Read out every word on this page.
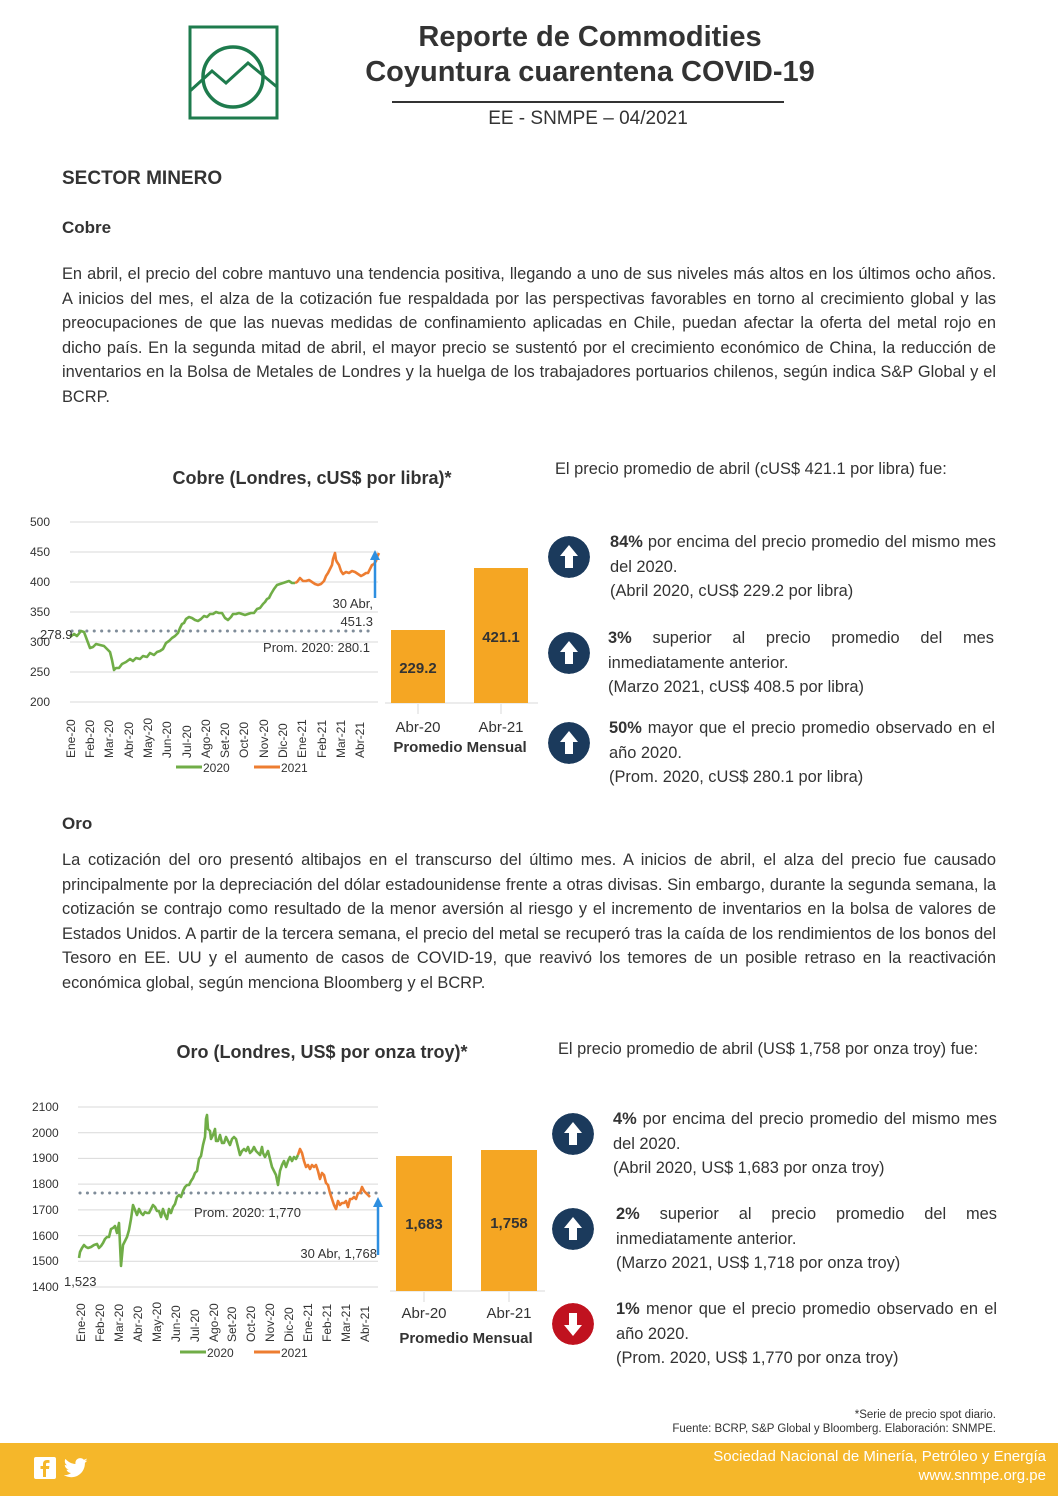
Reporte de Commodities
Coyuntura cuarentena COVID-19
EE - SNMPE – 04/2021
SECTOR MINERO
Cobre
En abril, el precio del cobre mantuvo una tendencia positiva, llegando a uno de sus niveles más altos en los últimos ocho años. A inicios del mes, el alza de la cotización fue respaldada por las perspectivas favorables en torno al crecimiento global y las preocupaciones de que las nuevas medidas de confinamiento aplicadas en Chile, puedan afectar la oferta del metal rojo en dicho país. En la segunda mitad de abril, el mayor precio se sustentó por el crecimiento económico de China, la reducción de inventarios en la Bolsa de Metales de Londres y la huelga de los trabajadores portuarios chilenos, según indica S&P Global y el BCRP.
Cobre (Londres, cUS$ por libra)*
500
450
400
350
300
250
200
278.9
Prom. 2020: 280.1
30 Abr,
451.3
Ene-20 Feb-20 Mar-20 Abr-20 May-20 Jun-20 Jul-20 Ago-20 Set-20 Oct-20 Nov-20 Dic-20 Ene-21 Feb-21 Mar-21 Abr-21
2020	2021
229.2
421.1
Abr-20	Abr-21
Promedio Mensual
El precio promedio de abril (cUS$ 421.1 por libra) fue:
84% por encima del precio promedio del mismo mes del 2020.
(Abril 2020, cUS$ 229.2 por libra)
3% superior al precio promedio del mes inmediatamente anterior.
(Marzo 2021, cUS$ 408.5 por libra)
50% mayor que el precio promedio observado en el año 2020.
(Prom. 2020, cUS$ 280.1 por libra)
Oro
La cotización del oro presentó altibajos en el transcurso del último mes. A inicios de abril, el alza del precio fue causado principalmente por la depreciación del dólar estadounidense frente a otras divisas. Sin embargo, durante la segunda semana, la cotización se contrajo como resultado de la menor aversión al riesgo y el incremento de inventarios en la bolsa de valores de Estados Unidos. A partir de la tercera semana, el precio del metal se recuperó tras la caída de los rendimientos de los bonos del Tesoro en EE. UU y el aumento de casos de COVID-19, que reavivó los temores de un posible retraso en la reactivación económica global, según menciona Bloomberg y el BCRP.
Oro (Londres, US$ por onza troy)*
2100
2000
1900
1800
1700
1600
1500
1400 1,523
Prom. 2020: 1,770
30 Abr, 1,768
Ene-20 Feb-20 Mar-20 Abr-20 May-20 Jun-20 Jul-20 Ago-20 Set-20 Oct-20 Nov-20 Dic-20 Ene-21 Feb-21 Mar-21 Abr-21
2020	2021
1,683	1,758
Abr-20	Abr-21
Promedio Mensual
El precio promedio de abril (US$ 1,758 por onza troy) fue:
4% por encima del precio promedio del mismo mes del 2020.
(Abril 2020, US$ 1,683 por onza troy)
2% superior al precio promedio del mes inmediatamente anterior.
(Marzo 2021, US$ 1,718 por onza troy)
1% menor que el precio promedio observado en el año 2020.
(Prom. 2020, US$ 1,770 por onza troy)
*Serie de precio spot diario.
Fuente: BCRP, S&P Global y Bloomberg. Elaboración: SNMPE.
Sociedad Nacional de Minería, Petróleo y Energía
www.snmpe.org.pe
